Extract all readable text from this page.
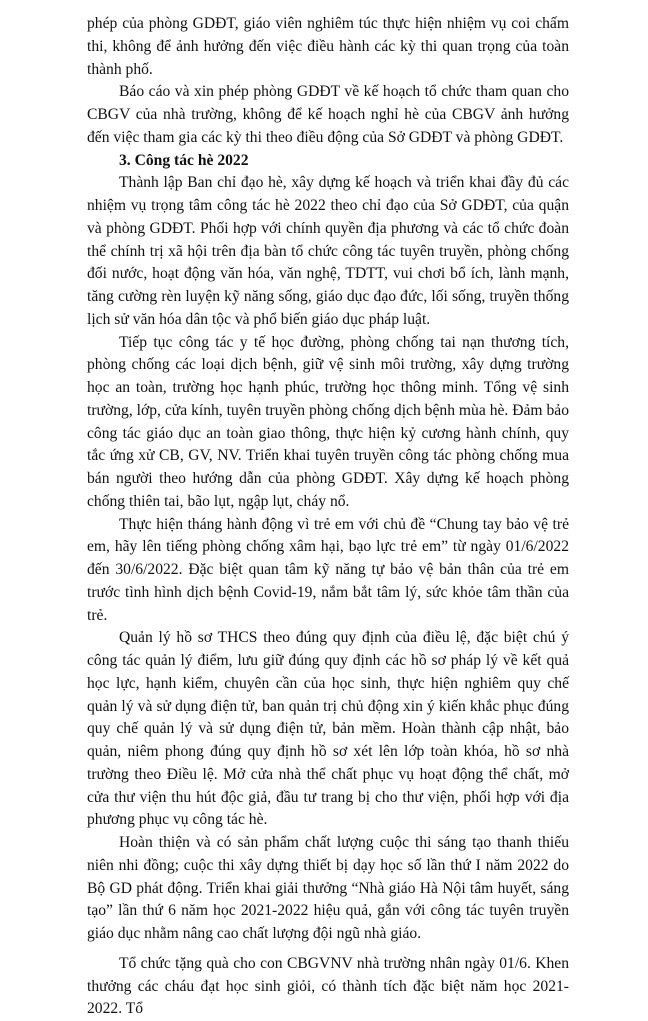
phép của phòng GDĐT, giáo viên nghiêm túc thực hiện nhiệm vụ coi chấm thi, không để ảnh hưởng đến việc điều hành các kỳ thi quan trọng của toàn thành phố.

Báo cáo và xin phép phòng GDĐT về kế hoạch tổ chức tham quan cho CBGV của nhà trường, không để kế hoạch nghỉ hè của CBGV ảnh hưởng đến việc tham gia các kỳ thi theo điều động của Sở GDĐT và phòng GDĐT.

3. Công tác hè 2022

Thành lập Ban chỉ đạo hè, xây dựng kế hoạch và triển khai đầy đủ các nhiệm vụ trọng tâm công tác hè 2022 theo chỉ đạo của Sở GDĐT, của quận và phòng GDĐT. Phối hợp với chính quyền địa phương và các tổ chức đoàn thể chính trị xã hội trên địa bàn tổ chức công tác tuyên truyền, phòng chống đối nước, hoạt động văn hóa, văn nghệ, TDTT, vui chơi bổ ích, lành mạnh, tăng cường rèn luyện kỹ năng sống, giáo dục đạo đức, lối sống, truyền thống lịch sử văn hóa dân tộc và phổ biến giáo dục pháp luật.

Tiếp tục công tác y tế học đường, phòng chống tai nạn thương tích, phòng chống các loại dịch bệnh, giữ vệ sinh môi trường, xây dựng trường học an toàn, trường học hạnh phúc, trường học thông minh. Tổng vệ sinh trường, lớp, cửa kính, tuyên truyền phòng chống dịch bệnh mùa hè. Đảm bảo công tác giáo dục an toàn giao thông, thực hiện kỷ cương hành chính, quy tắc ứng xử CB, GV, NV. Triển khai tuyên truyền công tác phòng chống mua bán người theo hướng dẫn của phòng GDĐT. Xây dựng kế hoạch phòng chống thiên tai, bão lụt, ngập lụt, cháy nổ.

Thực hiện tháng hành động vì trẻ em với chủ đề “Chung tay bảo vệ trẻ em, hãy lên tiếng phòng chống xâm hại, bạo lực trẻ em” từ ngày 01/6/2022 đến 30/6/2022. Đặc biệt quan tâm kỹ năng tự bảo vệ bản thân của trẻ em trước tình hình dịch bệnh Covid-19, nắm bắt tâm lý, sức khỏe tâm thần của trẻ.

Quản lý hồ sơ THCS theo đúng quy định của điều lệ, đặc biệt chú ý công tác quản lý điểm, lưu giữ đúng quy định các hồ sơ pháp lý về kết quả học lực, hạnh kiểm, chuyên cần của học sinh, thực hiện nghiêm quy chế quản lý và sử dụng điện tử, ban quản trị chủ động xin ý kiến khắc phục đúng quy chế quản lý và sử dụng điện tử, bản mềm. Hoàn thành cập nhật, bảo quản, niêm phong đúng quy định hồ sơ xét lên lớp toàn khóa, hồ sơ nhà trường theo Điều lệ. Mở cửa nhà thể chất phục vụ hoạt động thể chất, mở cửa thư viện thu hút độc giả, đầu tư trang bị cho thư viện, phối hợp với địa phương phục vụ công tác hè.

Hoàn thiện và có sản phẩm chất lượng cuộc thi sáng tạo thanh thiếu niên nhi đồng; cuộc thi xây dựng thiết bị dạy học số lần thứ I năm 2022 do Bộ GD phát động. Triển khai giải thưởng “Nhà giáo Hà Nội tâm huyết, sáng tạo” lần thứ 6 năm học 2021-2022 hiệu quả, gắn với công tác tuyên truyền giáo dục nhằm nâng cao chất lượng đội ngũ nhà giáo.

Tổ chức tặng quà cho con CBGVNV nhà trường nhân ngày 01/6. Khen thưởng các cháu đạt học sinh giỏi, có thành tích đặc biệt năm học 2021-2022. Tổ
